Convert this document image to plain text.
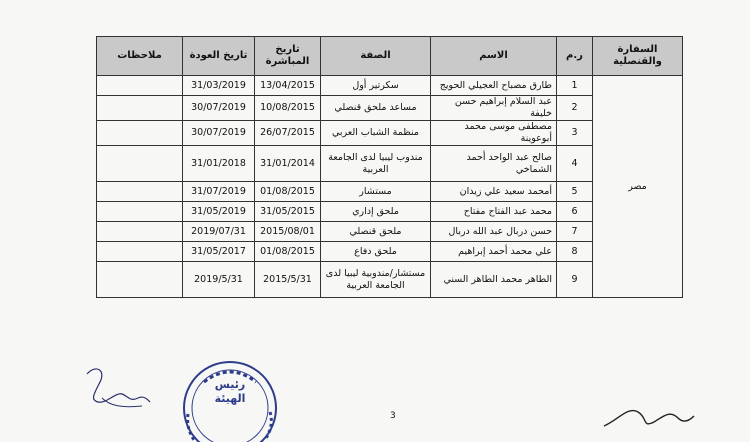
السفارة والقنصلية	ر.م	الاسم	الصفة	تاريخ المباشرة	تاريخ العودة	ملاحظات
مصر	1	طارق مصباح العجيلي الحويج	سكرتير أول	13/04/2015	31/03/2019	
	2	عبد السلام إبراهيم حسن خليفة	مساعد ملحق قنصلي	10/08/2015	30/07/2019	
	3	مصطفى موسى محمد أبوعوينة	منظمة الشباب العربي	26/07/2015	30/07/2019	
	4	صالح عبد الواحد أحمد الشماخي	مندوب ليبيا لدى الجامعة العربية	31/01/2014	31/01/2018	
	5	أمحمد سعيد علي زيدان	مستشار	01/08/2015	31/07/2019	
	6	محمد عبد الفتاح مفتاح	ملحق إداري	31/05/2015	31/05/2019	
	7	حسن دربال عبد الله دربال	ملحق قنصلي	2015/08/01	2019/07/31	
	8	علي محمد أحمد إبراهيم	ملحق دفاع	01/08/2015	31/05/2017	
	9	الطاهر محمد الطاهر السني	مستشار/مندوبية ليبيا لدى الجامعة العربية	2015/5/31	2019/5/31	
رئيس الهيئة
3
